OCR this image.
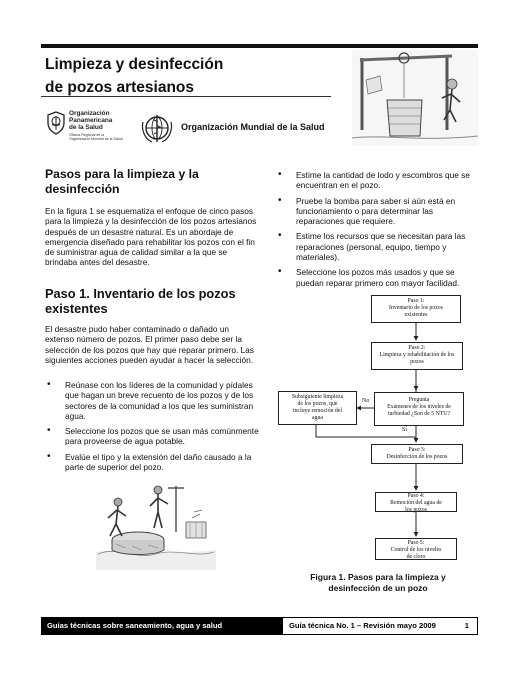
Limpieza y desinfección
de pozos artesianos
Organización
Panamericana
de la Salud
Oficina Regional de la
Organización Mundial de la Salud
Organización Mundial de la Salud
Pasos para la limpieza y la
desinfección

En la figura 1 se esquematiza el enfoque de cinco pasos para la limpieza y la desinfección de los pozos artesianos después de un desastre natural. Es un abordaje de emergencia diseñado para rehabilitar los pozos con el fin de suministrar agua de calidad similar a la que se brindaba antes del desastre.

Paso 1. Inventario de los pozos
existentes

El desastre pudo haber contaminado o dañado un extenso número de pozos. El primer paso debe ser la selección de los pozos que hay que reparar primero. Las siguientes acciones pueden ayudar a hacer la selección.

• Reúnase con los líderes de la comunidad y pídales que hagan un breve recuento de los pozos y de los sectores de la comunidad a los que les suministran agua.
• Seleccione los pozos que se usan más comúnmente para proveerse de agua potable.
• Evalúe el tipo y la extensión del daño causado a la parte de superior del pozo.
• Estime la cantidad de lodo y escombros que se encuentran en el pozo.
• Pruebe la bomba para saber si aún está en funcionamiento o para determinar las reparaciones que requiere.
• Estime los recursos que se necesitan para las reparaciones (personal, equipo, tiempo y materiales).
• Seleccione los pozos más usados y que se puedan reparar primero con mayor facilidad.
Paso 1:
Inventario de los pozos
existentes
Paso 2:
Limpieza y rehabilitación de los
pozos
Pregunta
Exámenes de los niveles de
turbiedad ¿Son de 5 NTU?
Subsiguiente limpieza
de los pozos, que
incluye remoción del
agua
No
Sí
Paso 3:
Desinfección de los pozos
Paso 4:
Remoción del agua de
los pozos
Paso 5:
Control de los niveles
de cloro
Figura 1. Pasos para la limpieza y
desinfección de un pozo
Guías técnicas sobre saneamiento, agua y salud	Guía técnica No. 1 – Revisión mayo 2009	1
